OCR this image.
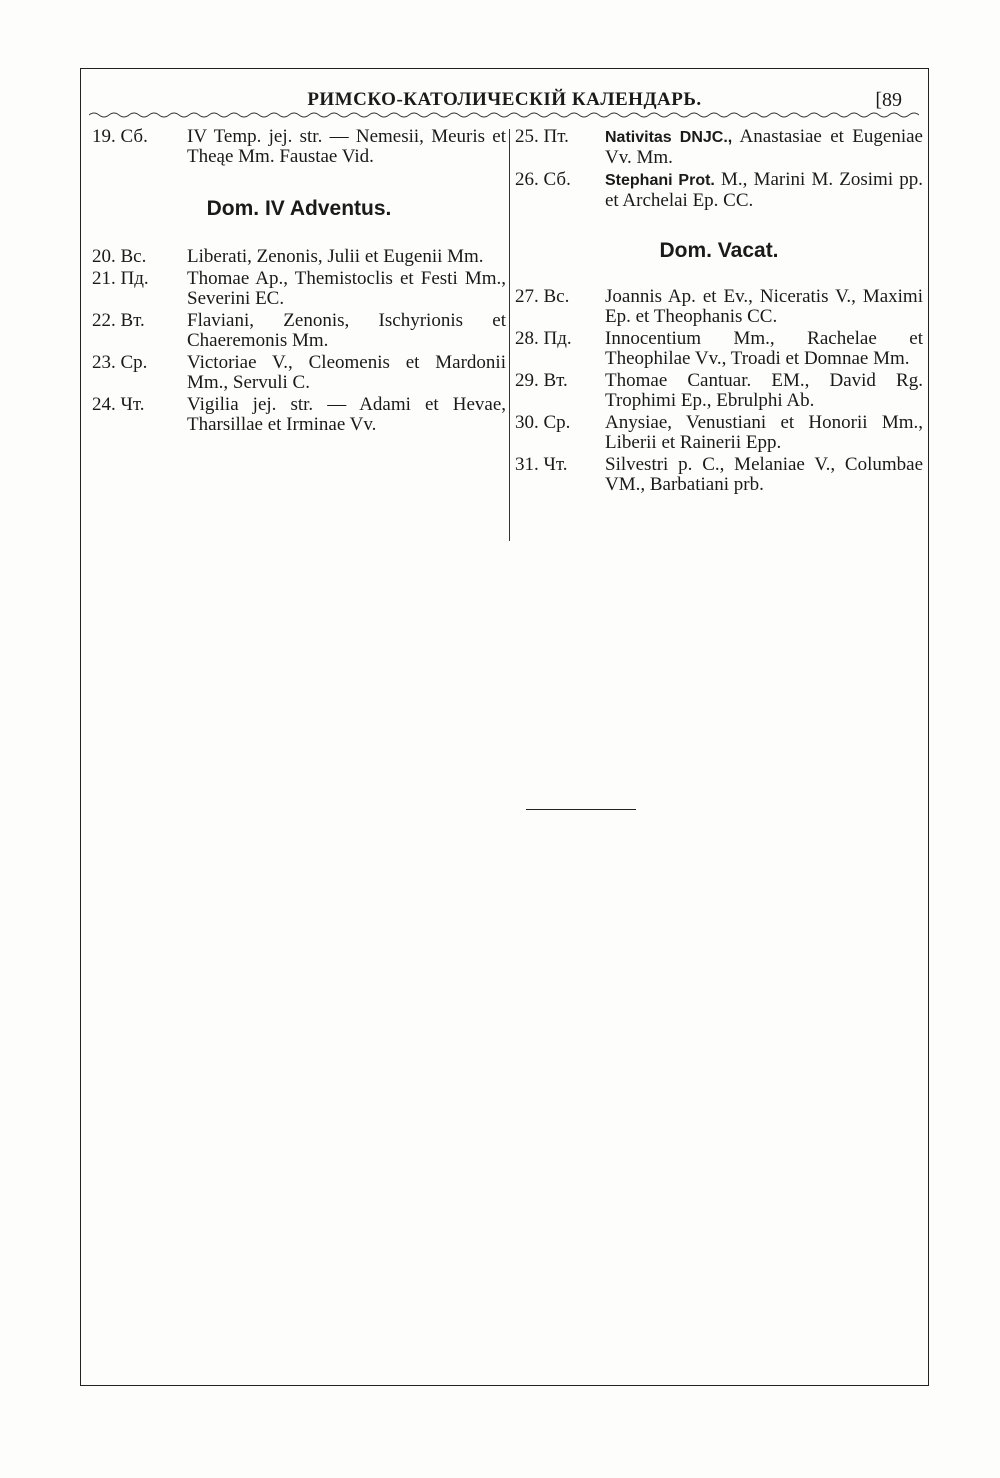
РИМСКО-КАТОЛИЧЕСКІЙ КАЛЕНДАРЬ.	[89
19. Сб.	IV Temp. jej. str. — Nemesii, Meuris et Theąe Mm. Faustae Vid.
Dom. IV Adventus.
20. Вс.	Liberati, Zenonis, Julii et Eugenii Mm.
21. Пд.	Thomae Ap., Themistoclis et Festi Mm., Severini EC.
22. Вт.	Flaviani, Zenonis, Ischyrionis et Chaeremonis Mm.
23. Ср.	Victoriae V., Cleomenis et Mardonii Mm., Servuli C.
24. Чт.	Vigilia jej. str. — Adami et Hevae, Tharsillae et Irminae Vv.
25. Пт.	Nativitas DNJC., Anastasiae et Eugeniae Vv. Mm.
26. Сб.	Stephani Prot. M., Marini M. Zosimi pp. et Archelai Ep. CC.
Dom. Vacat.
27. Вс.	Joannis Ap. et Ev., Niceratis V., Maximi Ep. et Theophanis CC.
28. Пд.	Innocentium Mm., Rachelae et Theophilae Vv., Troadi et Domnae Mm.
29. Вт.	Thomae Cantuar. EM., David Rg. Trophimi Ep., Ebrulphi Ab.
30. Ср.	Anysiae, Venustiani et Honorii Mm., Liberii et Rainerii Epp.
31. Чт.	Silvestri p. C., Melaniae V., Columbae VM., Barbatiani prb.
